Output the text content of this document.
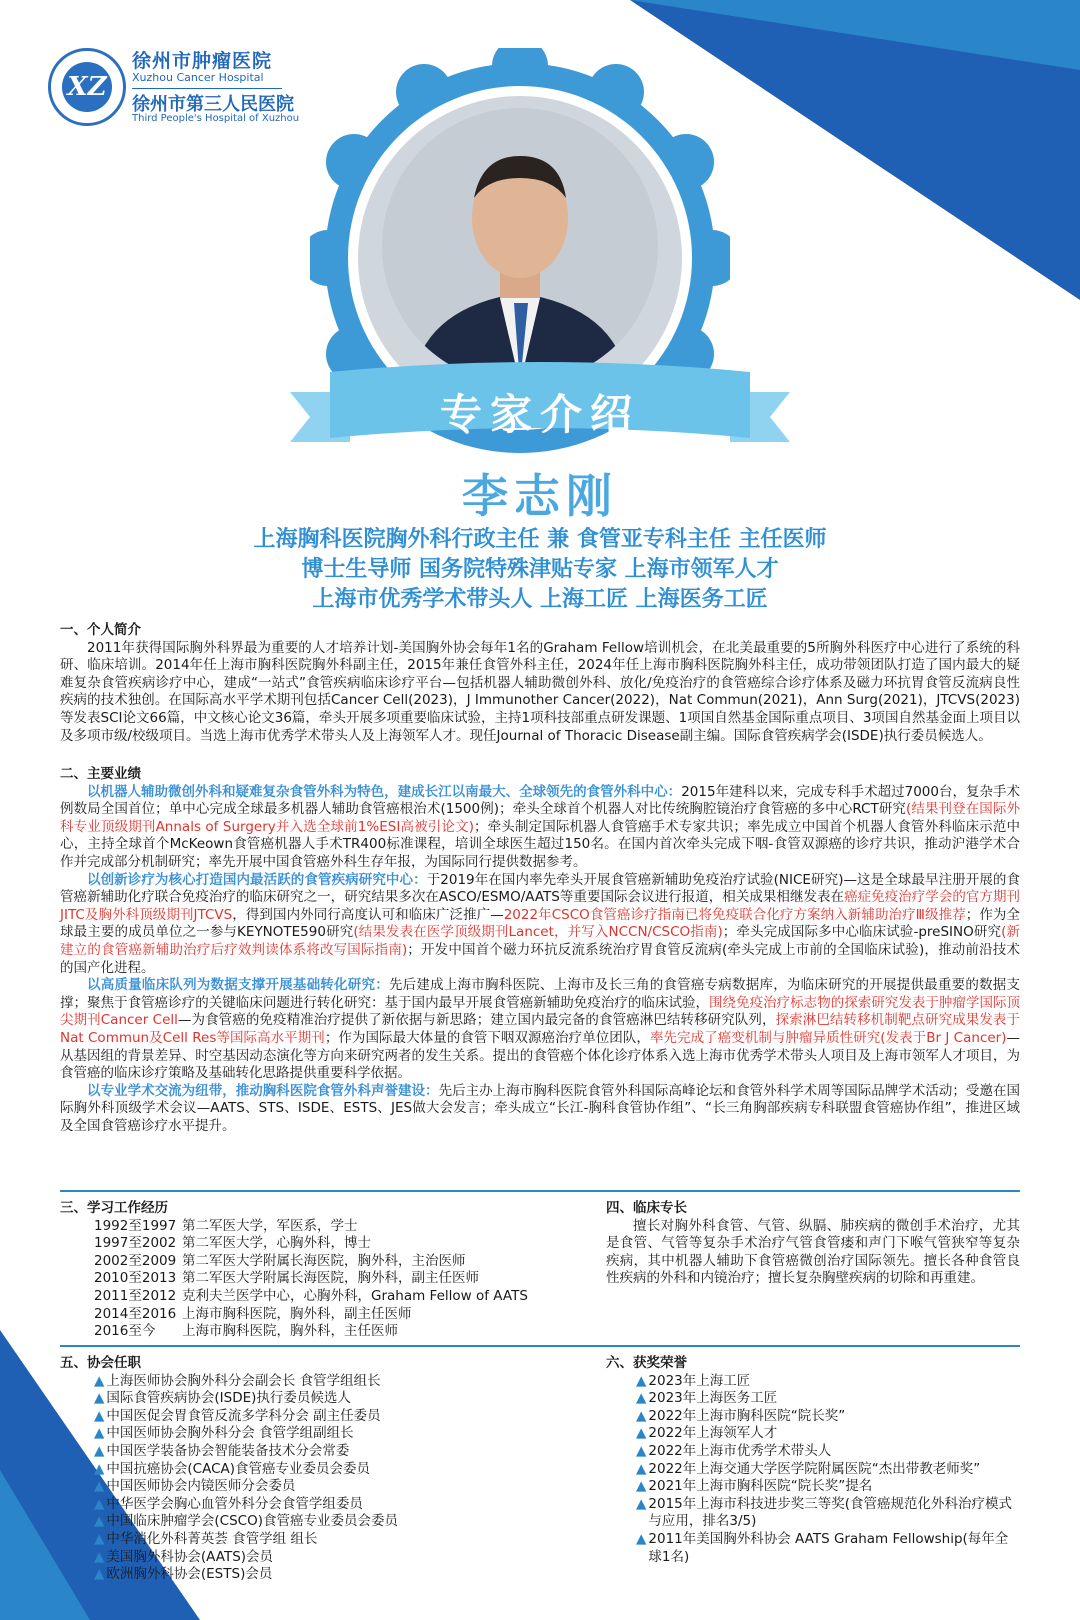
XZ
徐州市肿瘤医院
Xuzhou Cancer Hospital
徐州市第三人民医院
Third People's Hospital of Xuzhou
专家介绍
李志刚
上海胸科医院胸外科行政主任 兼 食管亚专科主任 主任医师
博士生导师 国务院特殊津贴专家 上海市领军人才
上海市优秀学术带头人 上海工匠 上海医务工匠
一、个人简介
2011年获得国际胸外科界最为重要的人才培养计划-美国胸外协会每年1名的Graham Fellow培训机会，在北美最重要的5所胸外科医疗中心进行了系统的科研、临床培训。2014年任上海市胸科医院胸外科副主任，2015年兼任食管外科主任，2024年任上海市胸科医院胸外科主任，成功带领团队打造了国内最大的疑难复杂食管疾病诊疗中心，建成“一站式”食管疾病临床诊疗平台—包括机器人辅助微创外科、放化/免疫治疗的食管癌综合诊疗体系及磁力环抗胃食管反流病良性疾病的技术独创。在国际高水平学术期刊包括Cancer Cell(2023)，J Immunother Cancer(2022)，Nat Commun(2021)，Ann Surg(2021)，JTCVS(2023)等发表SCI论文66篇，中文核心论文36篇，牵头开展多项重要临床试验，主持1项科技部重点研发课题、1项国自然基金国际重点项目、3项国自然基金面上项目以及多项市级/校级项目。当选上海市优秀学术带头人及上海领军人才。现任Journal of Thoracic Disease副主编。国际食管疾病学会(ISDE)执行委员候选人。
二、主要业绩
以机器人辅助微创外科和疑难复杂食管外科为特色，建成长江以南最大、全球领先的食管外科中心：2015年建科以来，完成专科手术超过7000台，复杂手术例数局全国首位；单中心完成全球最多机器人辅助食管癌根治术(1500例)；牵头全球首个机器人对比传统胸腔镜治疗食管癌的多中心RCT研究(结果刊登在国际外科专业顶级期刊Annals of Surgery并入选全球前1%ESI高被引论文)；牵头制定国际机器人食管癌手术专家共识；率先成立中国首个机器人食管外科临床示范中心，主持全球首个McKeown食管癌机器人手术TR400标准课程，培训全球医生超过150名。在国内首次牵头完成下咽-食管双源癌的诊疗共识，推动沪港学术合作并完成部分机制研究；率先开展中国食管癌外科生存年报，为国际同行提供数据参考。
以创新诊疗为核心打造国内最活跃的食管疾病研究中心：于2019年在国内率先牵头开展食管癌新辅助免疫治疗试验(NICE研究)—这是全球最早注册开展的食管癌新辅助化疗联合免疫治疗的临床研究之一，研究结果多次在ASCO/ESMO/AATS等重要国际会议进行报道，相关成果相继发表在癌症免疫治疗学会的官方期刊JITC及胸外科顶级期刊JTCVS，得到国内外同行高度认可和临床广泛推广—2022年CSCO食管癌诊疗指南已将免疫联合化疗方案纳入新辅助治疗Ⅲ级推荐；作为全球最主要的成员单位之一参与KEYNOTE590研究(结果发表在医学顶级期刊Lancet，并写入NCCN/CSCO指南)；牵头完成国际多中心临床试验-preSINO研究(新建立的食管癌新辅助治疗后疗效判读体系将改写国际指南)；开发中国首个磁力环抗反流系统治疗胃食管反流病(牵头完成上市前的全国临床试验)，推动前沿技术的国产化进程。
以高质量临床队列为数据支撑开展基础转化研究：先后建成上海市胸科医院、上海市及长三角的食管癌专病数据库，为临床研究的开展提供最重要的数据支撑；聚焦于食管癌诊疗的关键临床问题进行转化研究：基于国内最早开展食管癌新辅助免疫治疗的临床试验，围绕免疫治疗标志物的探索研究发表于肿瘤学国际顶尖期刊Cancer Cell—为食管癌的免疫精准治疗提供了新依据与新思路；建立国内最完备的食管癌淋巴结转移研究队列，探索淋巴结转移机制靶点研究成果发表于Nat Commun及Cell Res等国际高水平期刊；作为国际最大体量的食管下咽双源癌治疗单位团队，率先完成了癌变机制与肿瘤异质性研究(发表于Br J Cancer)—从基因组的背景差异、时空基因动态演化等方向来研究两者的发生关系。提出的食管癌个体化诊疗体系入选上海市优秀学术带头人项目及上海市领军人才项目，为食管癌的临床诊疗策略及基础转化思路提供重要科学依据。
以专业学术交流为纽带，推动胸科医院食管外科声誉建设：先后主办上海市胸科医院食管外科国际高峰论坛和食管外科学术周等国际品牌学术活动；受邀在国际胸外科顶级学术会议—AATS、STS、ISDE、ESTS、JES做大会发言；牵头成立“长江-胸科食管协作组”、“长三角胸部疾病专科联盟食管癌协作组”，推进区域及全国食管癌诊疗水平提升。
三、学习工作经历
1992至1997 第二军医大学，军医系，学士
1997至2002 第二军医大学，心胸外科，博士
2002至2009 第二军医大学附属长海医院，胸外科，主治医师
2010至2013 第二军医大学附属长海医院，胸外科，副主任医师
2011至2012 克利夫兰医学中心，心胸外科，Graham Fellow of AATS
2014至2016 上海市胸科医院，胸外科，副主任医师
2016至今	上海市胸科医院，胸外科，主任医师
四、临床专长
擅长对胸外科食管、气管、纵膈、肺疾病的微创手术治疗，尤其是食管、气管等复杂手术治疗气管食管瘘和声门下喉气管狭窄等复杂疾病，其中机器人辅助下食管癌微创治疗国际领先。擅长各种食管良性疾病的外科和内镜治疗；擅长复杂胸壁疾病的切除和再重建。
五、协会任职
▲ 上海医师协会胸外科分会副会长 食管学组组长
▲ 国际食管疾病协会(ISDE)执行委员候选人
▲ 中国医促会胃食管反流多学科分会 副主任委员
▲ 中国医师协会胸外科分会 食管学组副组长
▲ 中国医学装备协会智能装备技术分会常委
▲ 中国抗癌协会(CACA)食管癌专业委员会委员
▲ 中国医师协会内镜医师分会委员
▲ 中华医学会胸心血管外科分会食管学组委员
▲ 中国临床肿瘤学会(CSCO)食管癌专业委员会委员
▲ 中华消化外科菁英荟 食管学组 组长
▲ 美国胸外科协会(AATS)会员
▲ 欧洲胸外科协会(ESTS)会员
六、获奖荣誉
▲ 2023年上海工匠
▲ 2023年上海医务工匠
▲ 2022年上海市胸科医院“院长奖”
▲ 2022年上海领军人才
▲ 2022年上海市优秀学术带头人
▲ 2022年上海交通大学医学院附属医院“杰出带教老师奖”
▲ 2021年上海市胸科医院“院长奖”提名
▲ 2015年上海市科技进步奖三等奖(食管癌规范化外科治疗模式与应用，排名3/5)
▲ 2011年美国胸外科协会 AATS Graham Fellowship(每年全球1名)
